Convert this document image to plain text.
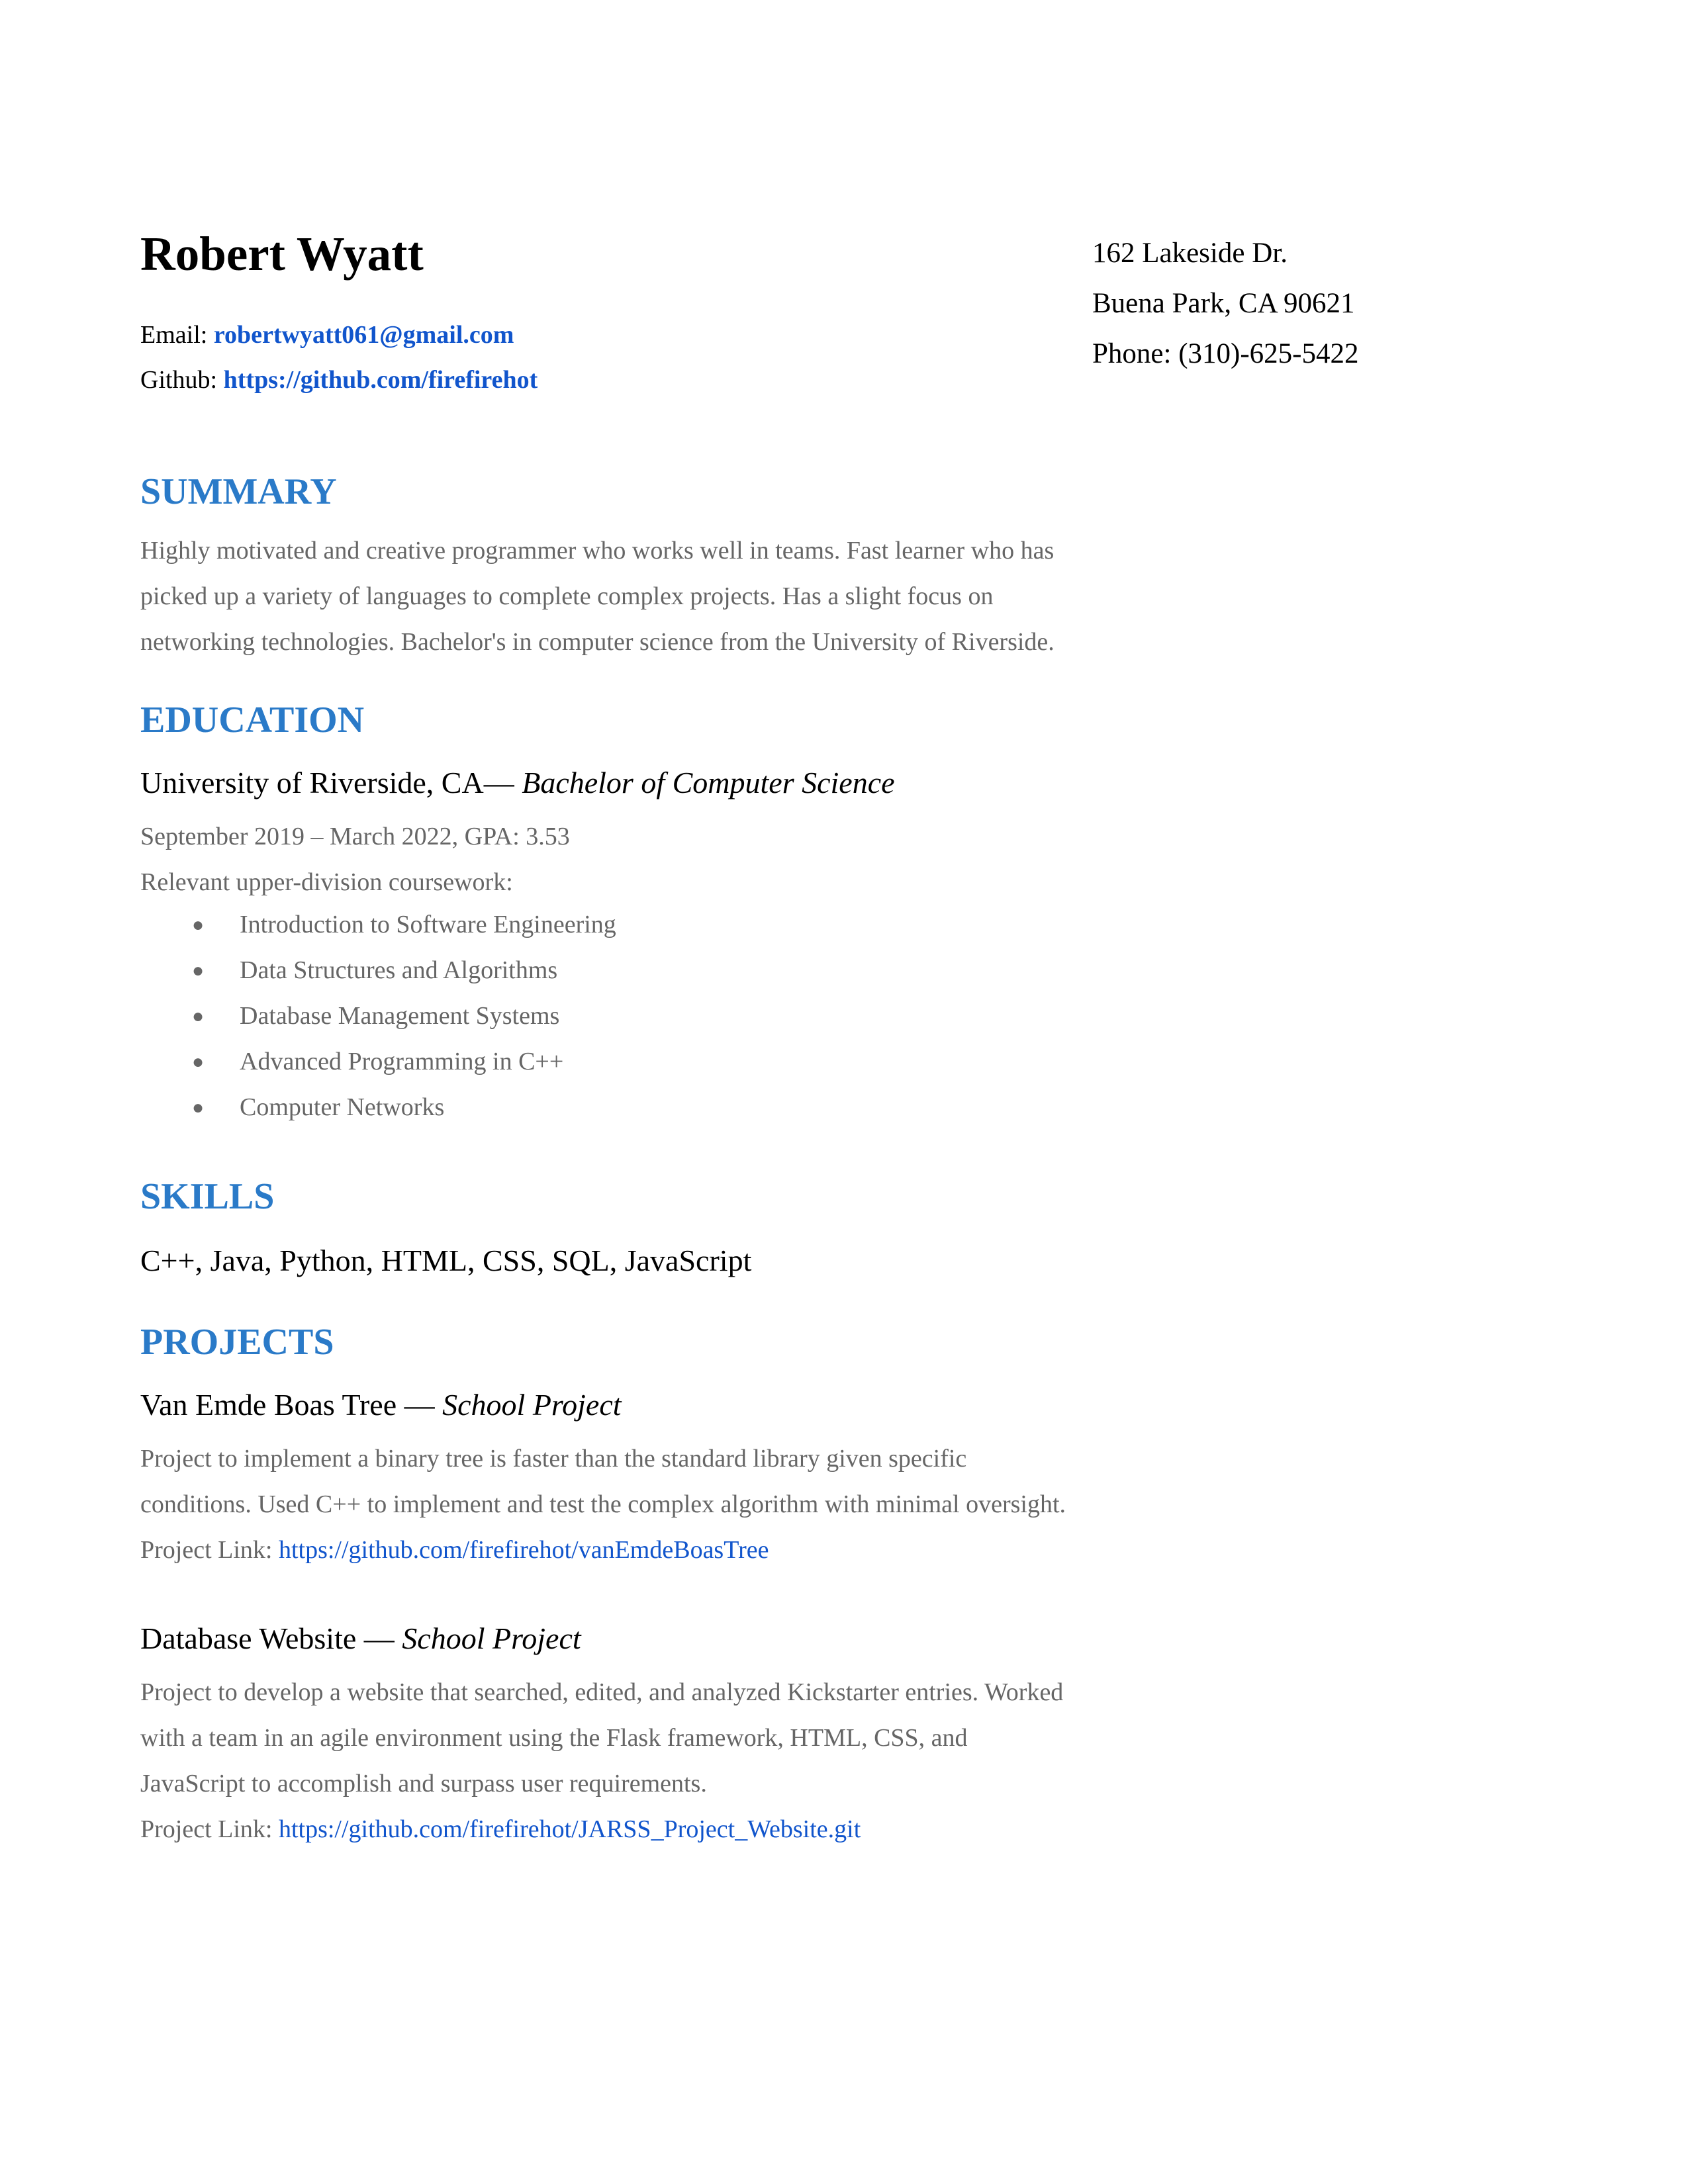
Robert Wyatt
Email: robertwyatt061@gmail.com
Github: https://github.com/firefirehot
162 Lakeside Dr.
Buena Park, CA 90621
Phone: (310)-625-5422
SUMMARY
Highly motivated and creative programmer who works well in teams. Fast learner who has
picked up a variety of languages to complete complex projects. Has a slight focus on
networking technologies. Bachelor's in computer science from the University of Riverside.
EDUCATION
University of Riverside, CA— Bachelor of Computer Science
September 2019 – March 2022, GPA: 3.53
Relevant upper-division coursework:
● Introduction to Software Engineering
● Data Structures and Algorithms
● Database Management Systems
● Advanced Programming in C++
● Computer Networks
SKILLS
C++, Java, Python, HTML, CSS, SQL, JavaScript
PROJECTS
Van Emde Boas Tree — School Project
Project to implement a binary tree is faster than the standard library given specific
conditions. Used C++ to implement and test the complex algorithm with minimal oversight.
Project Link: https://github.com/firefirehot/vanEmdeBoasTree
Database Website — School Project
Project to develop a website that searched, edited, and analyzed Kickstarter entries. Worked
with a team in an agile environment using the Flask framework, HTML, CSS, and
JavaScript to accomplish and surpass user requirements.
Project Link: https://github.com/firefirehot/JARSS_Project_Website.git
